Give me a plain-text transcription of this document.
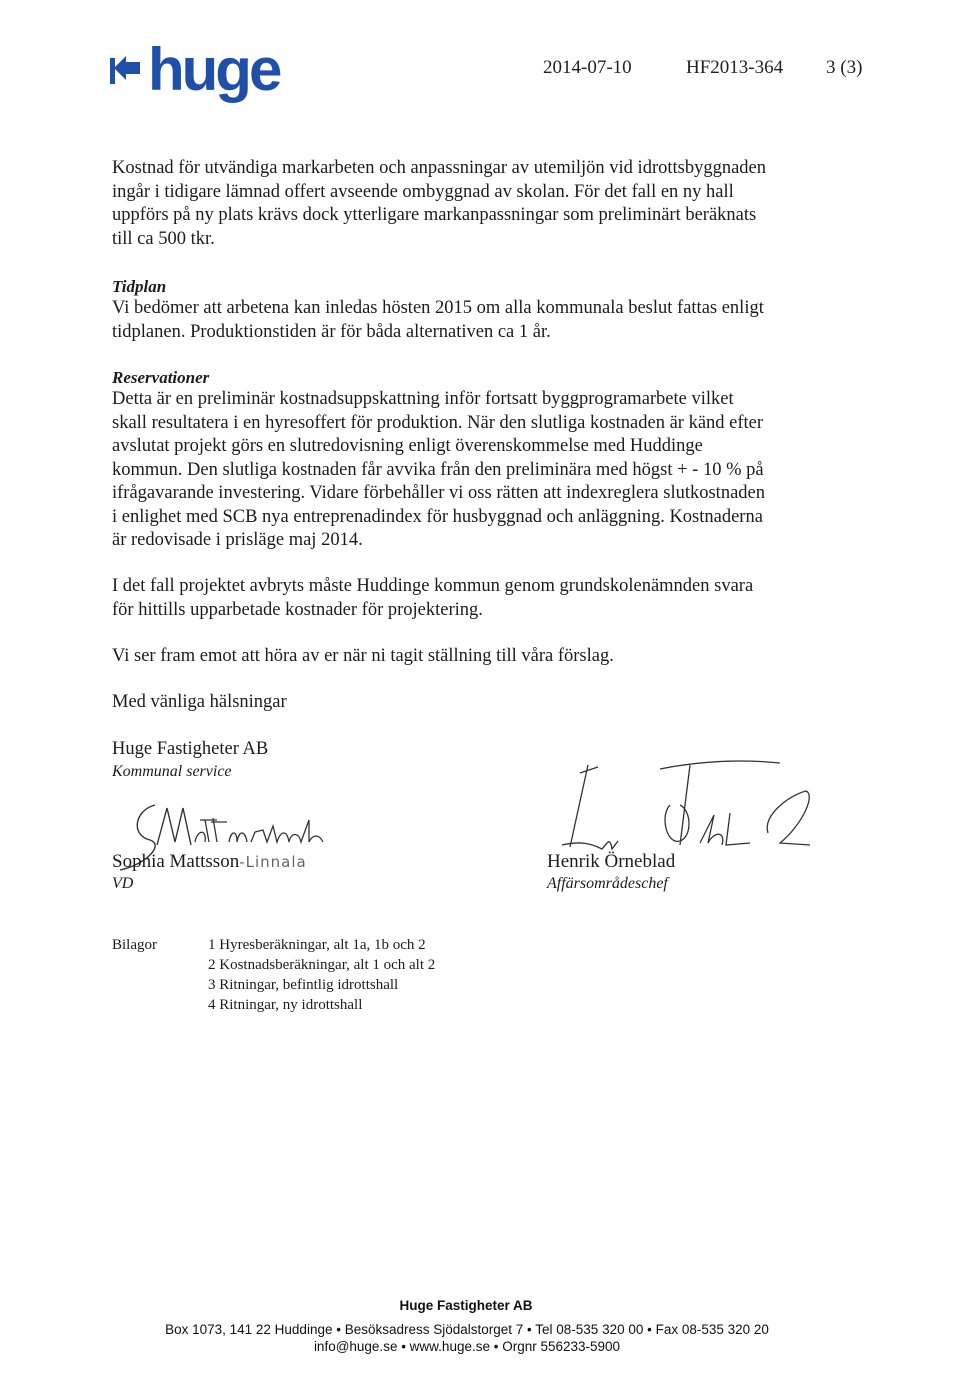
huge	2014-07-10	HF2013-364 3 (3)
Kostnad för utvändiga markarbeten och anpassningar av utemiljön vid idrottsbyggnaden
ingår i tidigare lämnad offert avseende ombyggnad av skolan. För det fall en ny hall
uppförs på ny plats krävs dock ytterligare markanpassningar som preliminärt beräknats
till ca 500 tkr.
Tidplan
Vi bedömer att arbetena kan inledas hösten 2015 om alla kommunala beslut fattas enligt
tidplanen. Produktionstiden är för båda alternativen ca 1 år.
Reservationer
Detta är en preliminär kostnadsuppskattning inför fortsatt byggprogramarbete vilket
skall resultatera i en hyresoffert för produktion. När den slutliga kostnaden är känd efter
avslutat projekt görs en slutredovisning enligt överenskommelse med Huddinge
kommun. Den slutliga kostnaden får avvika från den preliminära med högst + - 10 % på
ifrågavarande investering. Vidare förbehåller vi oss rätten att indexreglera slutkostnaden
i enlighet med SCB nya entreprenadindex för husbyggnad och anläggning. Kostnaderna
är redovisade i prisläge maj 2014.
I det fall projektet avbryts måste Huddinge kommun genom grundskolenämnden svara
för hittills upparbetade kostnader för projektering.
Vi ser fram emot att höra av er när ni tagit ställning till våra förslag.
Med vänliga hälsningar
Huge Fastigheter AB
Kommunal service
Sophia Mattsson-Linnala
VD
Henrik Örneblad
Affärsområdeschef
Bilagor	1 Hyresberäkningar, alt 1a, 1b och 2
2 Kostnadsberäkningar, alt 1 och alt 2
3 Ritningar, befintlig idrottshall
4 Ritningar, ny idrottshall
Huge Fastigheter AB
Box 1073, 141 22 Huddinge • Besöksadress Sjödalstorget 7 • Tel 08-535 320 00 • Fax 08-535 320 20
info@huge.se • www.huge.se • Orgnr 556233-5900
